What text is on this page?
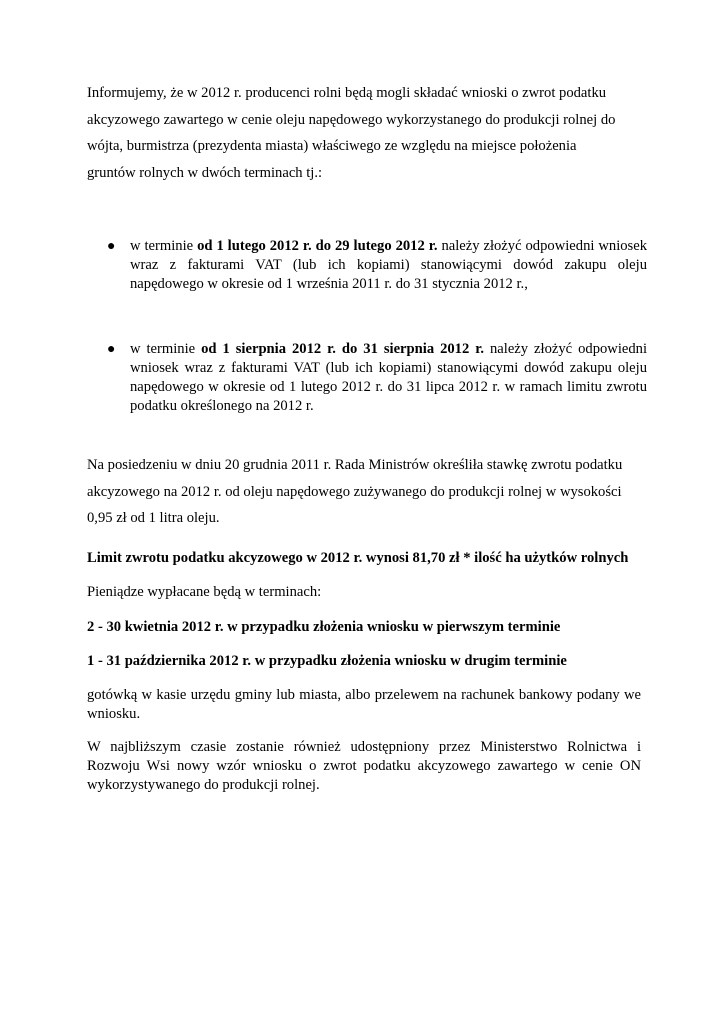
Informujemy, że w 2012 r. producenci rolni będą mogli składać wnioski o zwrot podatku
akcyzowego zawartego w cenie oleju napędowego wykorzystanego do produkcji rolnej do
wójta, burmistrza (prezydenta miasta) właściwego ze względu na miejsce położenia
gruntów rolnych w dwóch terminach tj.:
● w terminie od 1 lutego 2012 r. do 29 lutego 2012 r. należy złożyć odpowiedni wniosek wraz z fakturami VAT (lub ich kopiami) stanowiącymi dowód zakupu oleju napędowego w okresie od 1 września 2011 r. do 31 stycznia 2012 r.,

● w terminie od 1 sierpnia 2012 r. do 31 sierpnia 2012 r. należy złożyć odpowiedni wniosek wraz z fakturami VAT (lub ich kopiami) stanowiącymi dowód zakupu oleju napędowego w okresie od 1 lutego 2012 r. do 31 lipca 2012 r. w ramach limitu zwrotu podatku określonego na 2012 r.

Na posiedzeniu w dniu 20 grudnia 2011 r. Rada Ministrów określiła stawkę zwrotu podatku
akcyzowego na 2012 r. od oleju napędowego zużywanego do produkcji rolnej w wysokości
0,95 zł od 1 litra oleju.

Limit zwrotu podatku akcyzowego w 2012 r. wynosi 81,70 zł * ilość ha użytków rolnych

Pieniądze wypłacane będą w terminach:

2 - 30 kwietnia 2012 r. w przypadku złożenia wniosku w pierwszym terminie

1 - 31 października 2012 r. w przypadku złożenia wniosku w drugim terminie

gotówką w kasie urzędu gminy lub miasta, albo przelewem na rachunek bankowy podany we wniosku.

W najbliższym czasie zostanie również udostępniony przez Ministerstwo Rolnictwa i Rozwoju Wsi nowy wzór wniosku o zwrot podatku akcyzowego zawartego w cenie ON wykorzystywanego do produkcji rolnej.
